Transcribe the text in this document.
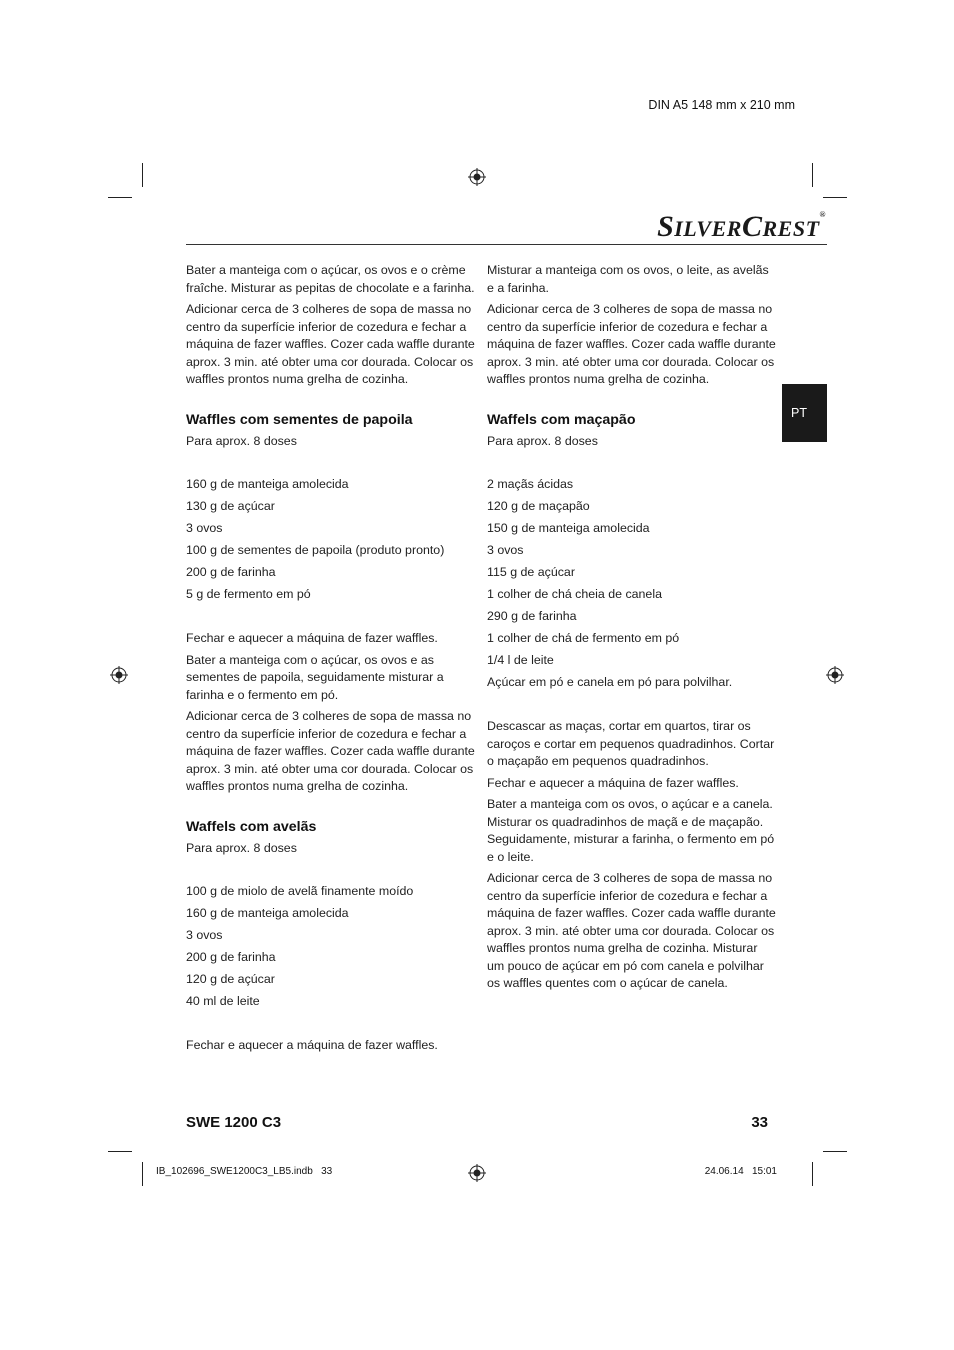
DIN A5 148 mm x 210 mm
SILVERCREST®
PT

Bater a manteiga com o açúcar, os ovos e o crème fraîche. Misturar as pepitas de chocolate e a farinha.

Adicionar cerca de 3 colheres de sopa de massa no centro da superfície inferior de cozedura e fechar a máquina de fazer waffles. Cozer cada waffle durante aprox. 3 min. até obter uma cor dourada. Colocar os waffles prontos numa grelha de cozinha.

Waffles com sementes de papoila

Para aprox. 8 doses

160 g de manteiga amolecida

130 g de açúcar

3 ovos

100 g de sementes de papoila (produto pronto)

200 g de farinha

5 g de fermento em pó

Fechar e aquecer a máquina de fazer waffles.

Bater a manteiga com o açúcar, os ovos e as sementes de papoila, seguidamente misturar a farinha e o fermento em pó.

Adicionar cerca de 3 colheres de sopa de massa no centro da superfície inferior de cozedura e fechar a máquina de fazer waffles. Cozer cada waffle durante aprox. 3 min. até obter uma cor dourada. Colocar os waffles prontos numa grelha de cozinha.

Waffels com avelãs

Para aprox. 8 doses

100 g de miolo de avelã finamente moído

160 g de manteiga amolecida

3 ovos

200 g de farinha

120 g de açúcar

40 ml de leite

Fechar e aquecer a máquina de fazer waffles.

Misturar a manteiga com os ovos, o leite, as avelãs e a farinha.

Adicionar cerca de 3 colheres de sopa de massa no centro da superfície inferior de cozedura e fechar a máquina de fazer waffles. Cozer cada waffle durante aprox. 3 min. até obter uma cor dourada. Colocar os waffles prontos numa grelha de cozinha.

Waffels com maçapão

Para aprox. 8 doses

2 maçãs ácidas

120 g de maçapão

150 g de manteiga amolecida

3 ovos

115 g de açúcar

1 colher de chá cheia de canela

290 g de farinha

1 colher de chá de fermento em pó

1/4 l de leite

Açúcar em pó e canela em pó para polvilhar.

Descascar as maças, cortar em quartos, tirar os caroços e cortar em pequenos quadradinhos. Cortar o maçapão em pequenos quadradinhos.

Fechar e aquecer a máquina de fazer waffles.

Bater a manteiga com os ovos, o açúcar e a canela. Misturar os quadradinhos de maçã e de maçapão. Seguidamente, misturar a farinha, o fermento em pó e o leite.

Adicionar cerca de 3 colheres de sopa de massa no centro da superfície inferior de cozedura e fechar a máquina de fazer waffles. Cozer cada waffle durante aprox. 3 min. até obter uma cor dourada. Colocar os waffles prontos numa grelha de cozinha. Misturar um pouco de açúcar em pó com canela e polvilhar os waffles quentes com o açúcar de canela.

SWE 1200 C3	33
IB_102696_SWE1200C3_LB5.indb   33	24.06.14   15:01
